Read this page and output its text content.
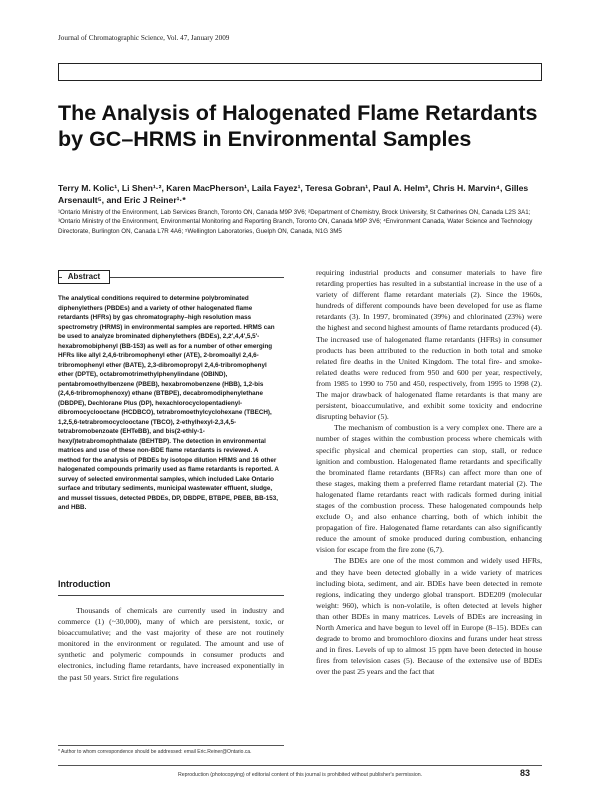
Journal of Chromatographic Science, Vol. 47, January 2009
The Analysis of Halogenated Flame Retardants
by GC–HRMS in Environmental Samples

Terry M. Kolic¹, Li Shen¹·², Karen MacPherson¹, Laila Fayez¹, Teresa Gobran¹, Paul A. Helm³, Chris H. Marvin⁴, Gilles Arsenault⁵, and Eric J Reiner¹·*

¹Ontario Ministry of the Environment, Lab Services Branch, Toronto ON, Canada M9P 3V6; ²Department of Chemistry, Brock University, St Catherines ON, Canada L2S 3A1; ³Ontario Ministry of the Environment, Environmental Monitoring and Reporting Branch, Toronto ON, Canada M9P 3V6; ⁴Environment Canada, Water Science and Technology Directorate, Burlington ON, Canada L7R 4A6; ⁵Wellington Laboratories, Guelph ON, Canada, N1G 3M5

Abstract

The analytical conditions required to determine polybrominated diphenylethers (PBDEs) and a variety of other halogenated flame retardants (HFRs) by gas chromatography–high resolution mass spectrometry (HRMS) in environmental samples are reported. HRMS can be used to analyze brominated diphenylethers (BDEs), 2,2′,4,4′,5,5′-hexabromobiphenyl (BB-153) as well as for a number of other emerging HFRs like allyl 2,4,6-tribromophenyl ether (ATE), 2-bromoallyl 2,4,6-tribromophenyl ether (BATE), 2,3-dibromopropyl 2,4,6-tribromophenyl ether (DPTE), octabromotrimethylphenylindane (OBIND), pentabromoethylbenzene (PBEB), hexabromobenzene (HBB), 1,2-bis (2,4,6-tribromophenoxy) ethane (BTBPE), decabromodiphenylethane (DBDPE), Dechlorane Plus (DP), hexachlorocyclopentadienyl-dibromocyclooctane (HCDBCO), tetrabromoethylcyclohexane (TBECH), 1,2,5,6-tetrabromocyclooctane (TBCO), 2-ethylhexyl-2,3,4,5-tetrabromobenzoate (EHTeBB), and bis(2-ethly-1-hexyl)tetrabromophthalate (BEHTBP). The detection in environmental matrices and use of these non-BDE flame retardants is reviewed. A method for the analysis of PBDEs by isotope dilution HRMS and 16 other halogenated compounds primarily used as flame retardants is reported. A survey of selected environmental samples, which included Lake Ontario surface and tributary sediments, municipal wastewater effluent, sludge, and mussel tissues, detected PBDEs, DP, DBDPE, BTBPE, PBEB, BB-153, and HBB.

Introduction

Thousands of chemicals are currently used in industry and commerce (1) (~30,000), many of which are persistent, toxic, or bioaccumulative; and the vast majority of these are not routinely monitored in the environment or regulated. The amount and use of synthetic and polymeric compounds in consumer products and electronics, including flame retardants, have increased exponentially in the past 50 years. Strict fire regulations

* Author to whom correspondence should be addressed: email Eric.Reiner@Ontario.ca.

requiring industrial products and consumer materials to have fire retarding properties has resulted in a substantial increase in the use of a variety of different flame retardant materials (2). Since the 1960s, hundreds of different compounds have been developed for use as flame retardants (3). In 1997, brominated (39%) and chlorinated (23%) were the highest and second highest amounts of flame retardants produced (4). The increased use of halogenated flame retardants (HFRs) in consumer products has been attributed to the reduction in both total and smoke related fire deaths in the United Kingdom. The total fire- and smoke-related deaths were reduced from 950 and 600 per year, respectively, from 1985 to 1990 to 750 and 450, respectively, from 1995 to 1998 (2). The major drawback of halogenated flame retardants is that many are persistent, bioaccumulative, and exhibit some toxicity and endocrine disrupting behavior (5).

The mechanism of combustion is a very complex one. There are a number of stages within the combustion process where chemicals with specific physical and chemical properties can stop, stall, or reduce ignition and combustion. Halogenated flame retardants and specifically the brominated flame retardants (BFRs) can affect more than one of these stages, making them a preferred flame retardant material (2). The halogenated flame retardants react with radicals formed during initial stages of the combustion process. These halogenated compounds help exclude O₂ and also enhance charring, both of which inhibit the propagation of fire. Halogenated flame retardants can also significantly reduce the amount of smoke produced during combustion, enhancing vision for escape from the fire zone (6,7).

The BDEs are one of the most common and widely used HFRs, and they have been detected globally in a wide variety of matrices including biota, sediment, and air. BDEs have been detected in remote regions, indicating they undergo global transport. BDE209 (molecular weight: 960), which is non-volatile, is often detected at levels higher than other BDEs in many matrices. Levels of BDEs are increasing in North America and have begun to level off in Europe (8–15). BDEs can degrade to bromo and bromochloro dioxins and furans under heat stress and in fires. Levels of up to almost 15 ppm have been detected in house fires from television cases (5). Because of the extensive use of BDEs over the past 25 years and the fact that

Reproduction (photocopying) of editorial content of this journal is prohibited without publisher's permission.	83
